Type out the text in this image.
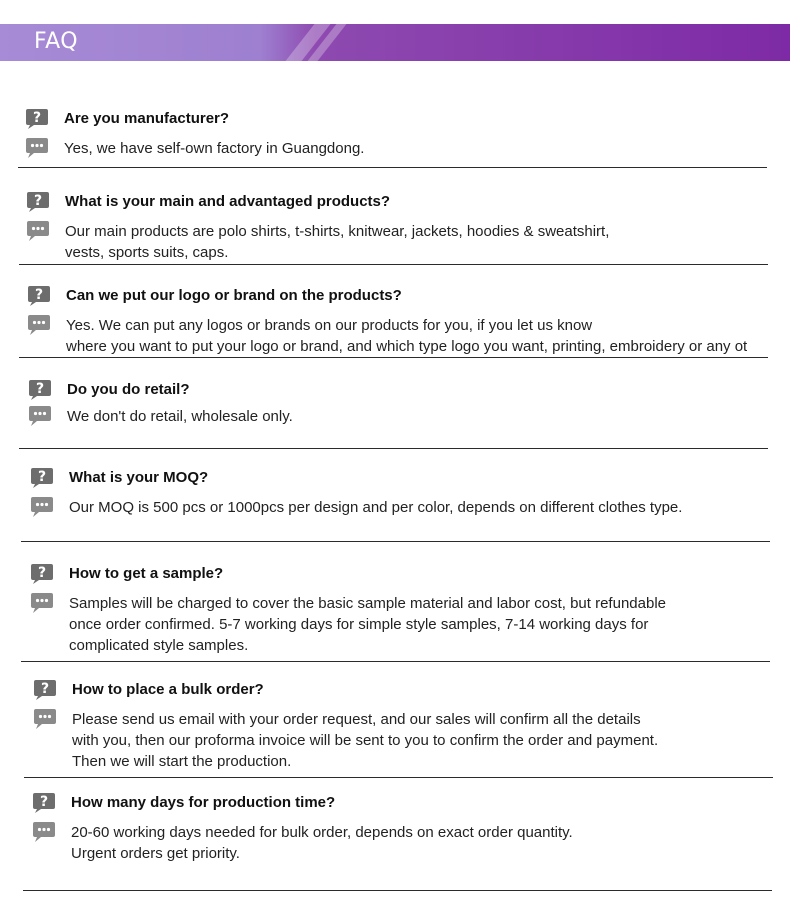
FAQ
? Are you manufacturer?
Yes, we have self-own factory in Guangdong.
? What is your main and advantaged products?
Our main products are polo shirts, t-shirts, knitwear, jackets, hoodies & sweatshirt,
vests, sports suits, caps.
? Can we put our logo or brand on the products?
Yes. We can put any logos or brands on our products for you, if you let us know
where you want to put your logo or brand, and which type logo you want, printing, embroidery or any ot
? Do you do retail?
We don't do retail, wholesale only.
? What is your MOQ?
Our MOQ is 500 pcs or 1000pcs per design and per color, depends on different clothes type.
? How to get a sample?
Samples will be charged to cover the basic sample material and labor cost, but refundable
once order confirmed. 5-7 working days for simple style samples, 7-14 working days for
complicated style samples.
? How to place a bulk order?
Please send us email with your order request, and our sales will confirm all the details
with you, then our proforma invoice will be sent to you to confirm the order and payment.
Then we will start the production.
? How many days for production time?
20-60 working days needed for bulk order, depends on exact order quantity.
Urgent orders get priority.
